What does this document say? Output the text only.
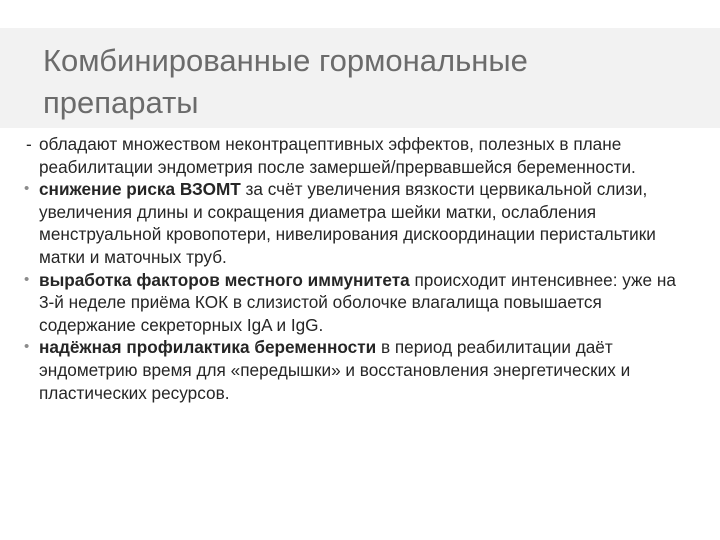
Комбинированные гормональные препараты

- обладают множеством неконтрацептивных эффектов, полезных в плане реабилитации эндометрия после замершей/прервавшейся беременности.

• снижение риска ВЗОМТ за счёт увеличения вязкости цервикальной слизи, увеличения длины и сокращения диаметра шейки матки, ослабления менструальной кровопотери, нивелирования дискоординации перистальтики матки и маточных труб.

• выработка факторов местного иммунитета происходит интенсивнее: уже на 3-й неделе приёма КОК в слизистой оболочке влагалища повышается содержание секреторных IgA и IgG.

• надёжная профилактика беременности в период реабилитации даёт эндометрию время для «передышки» и восстановления энергетических и пластических ресурсов.
